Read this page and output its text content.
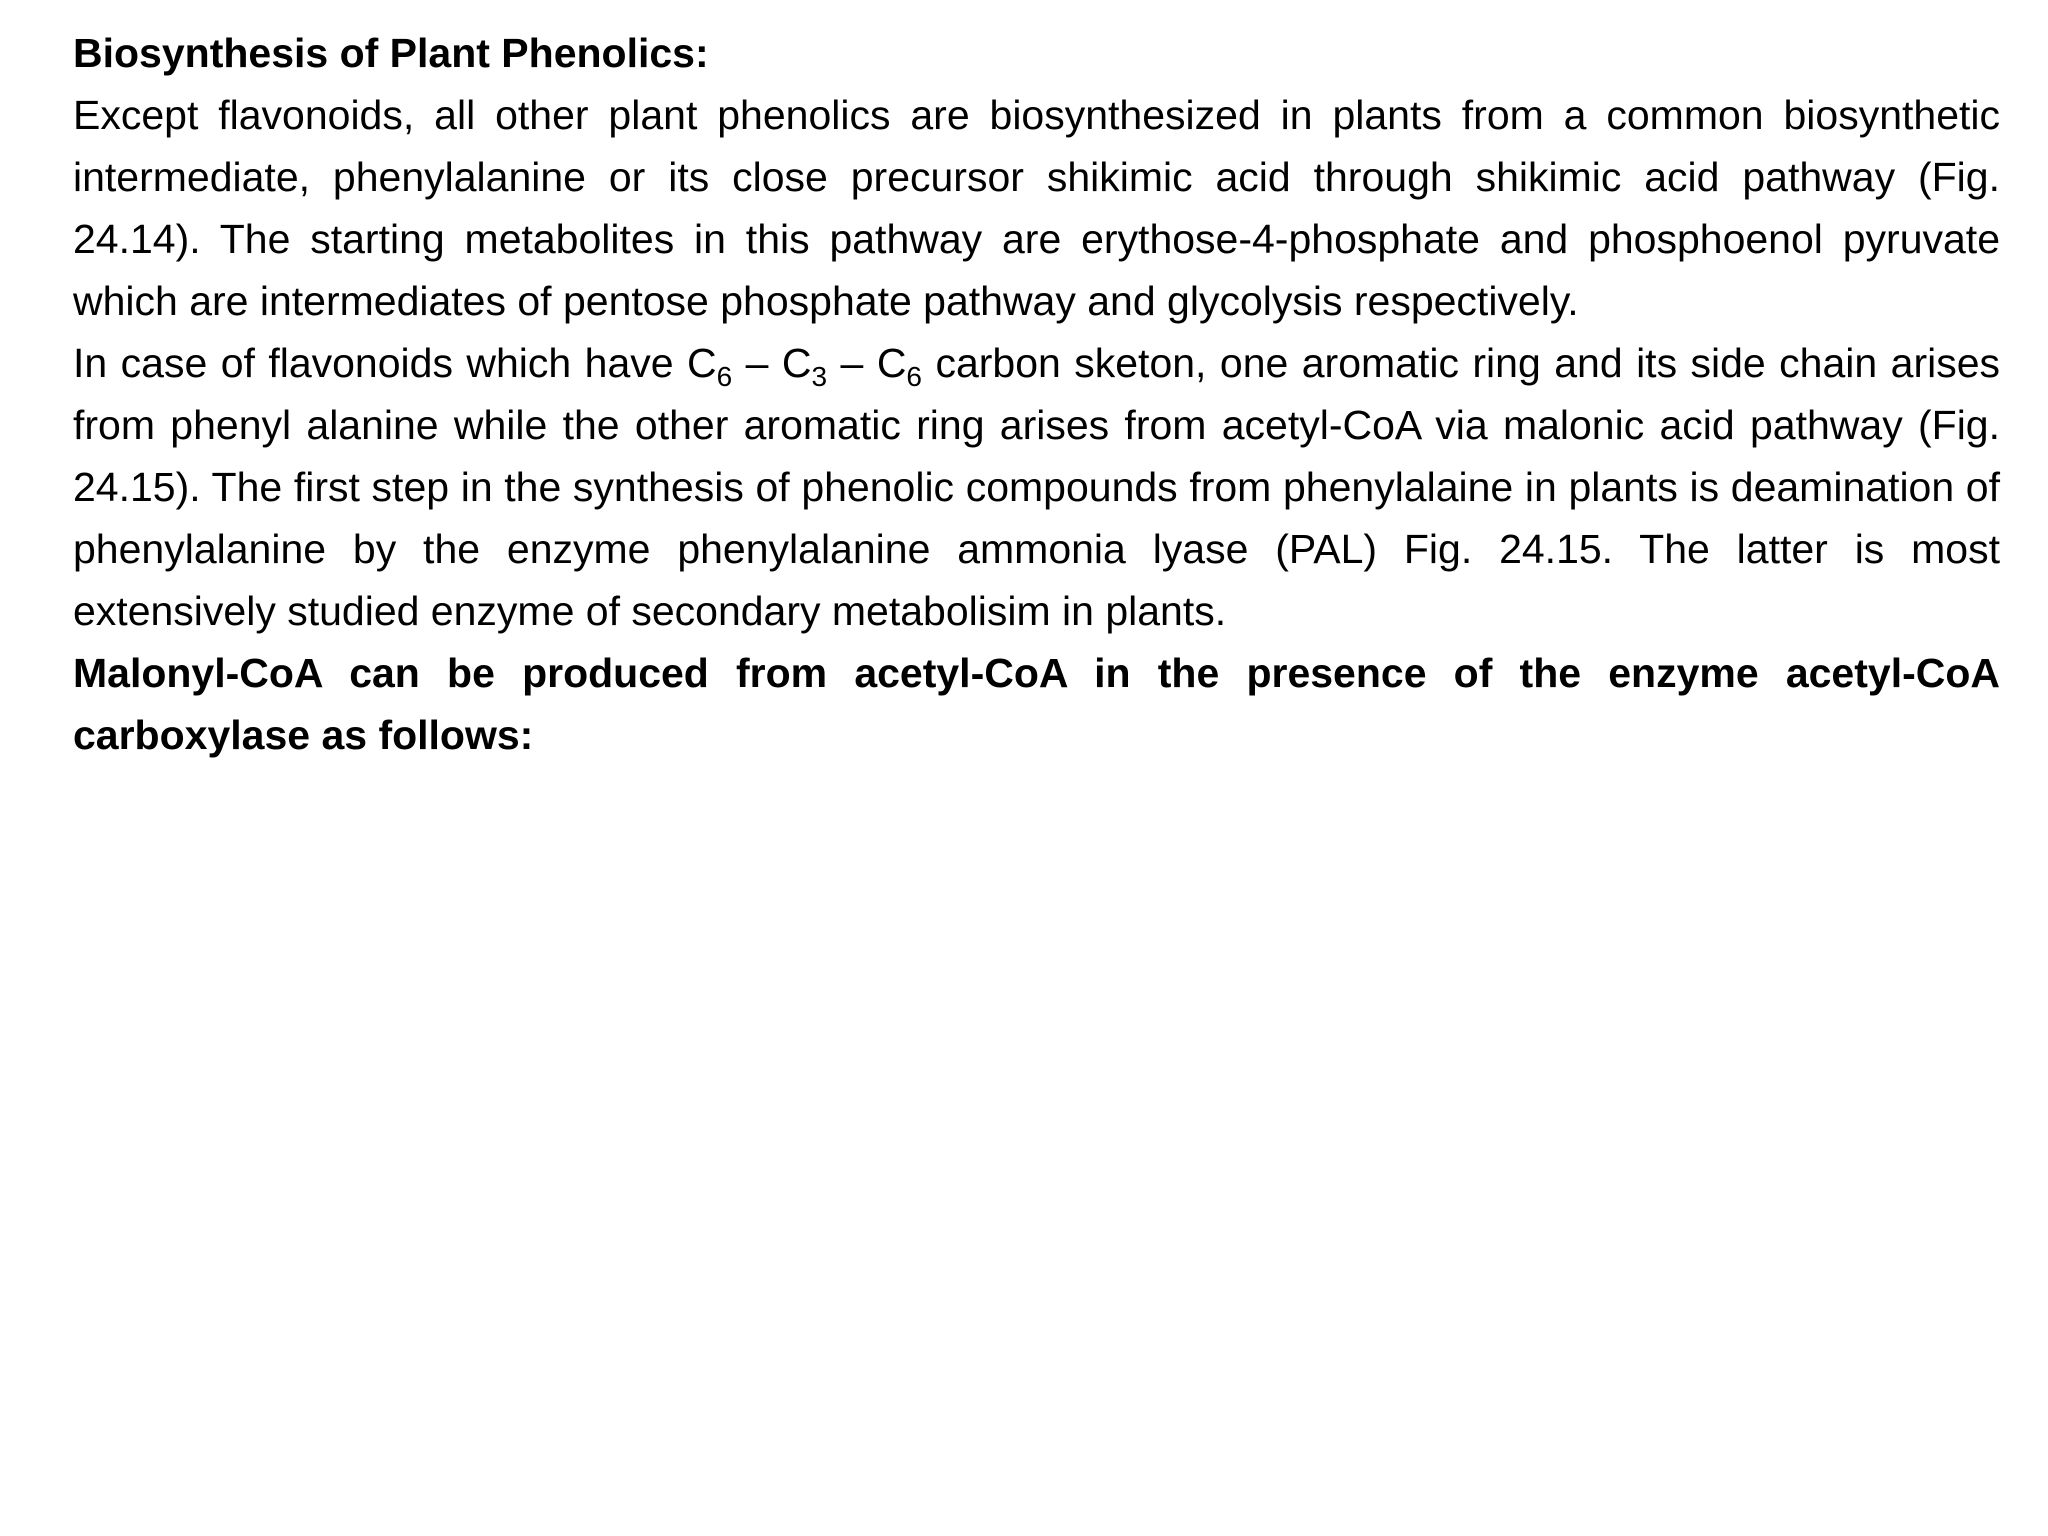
Biosynthesis of Plant Phenolics:

Except flavonoids, all other plant phenolics are biosynthesized in plants from a common biosynthetic intermediate, phenylalanine or its close precursor shikimic acid through shikimic acid pathway (Fig. 24.14). The starting metabolites in this pathway are erythose-4-phosphate and phosphoenol pyruvate which are intermediates of pentose phosphate pathway and glycolysis respectively.

In case of flavonoids which have $C_6 - C_3 - C_6$ carbon sketon, one aromatic ring and its side chain arises from phenyl alanine while the other aromatic ring arises from acetyl-CoA via malonic acid pathway (Fig. 24.15). The first step in the synthesis of phenolic compounds from phenylalaine in plants is deamination of phenylalanine by the enzyme phenylalanine ammonia lyase (PAL) Fig. 24.15. The latter is most extensively studied enzyme of secondary metabolisim in plants.

Malonyl-CoA can be produced from acetyl-CoA in the presence of the enzyme acetyl-CoA carboxylase as follows:
